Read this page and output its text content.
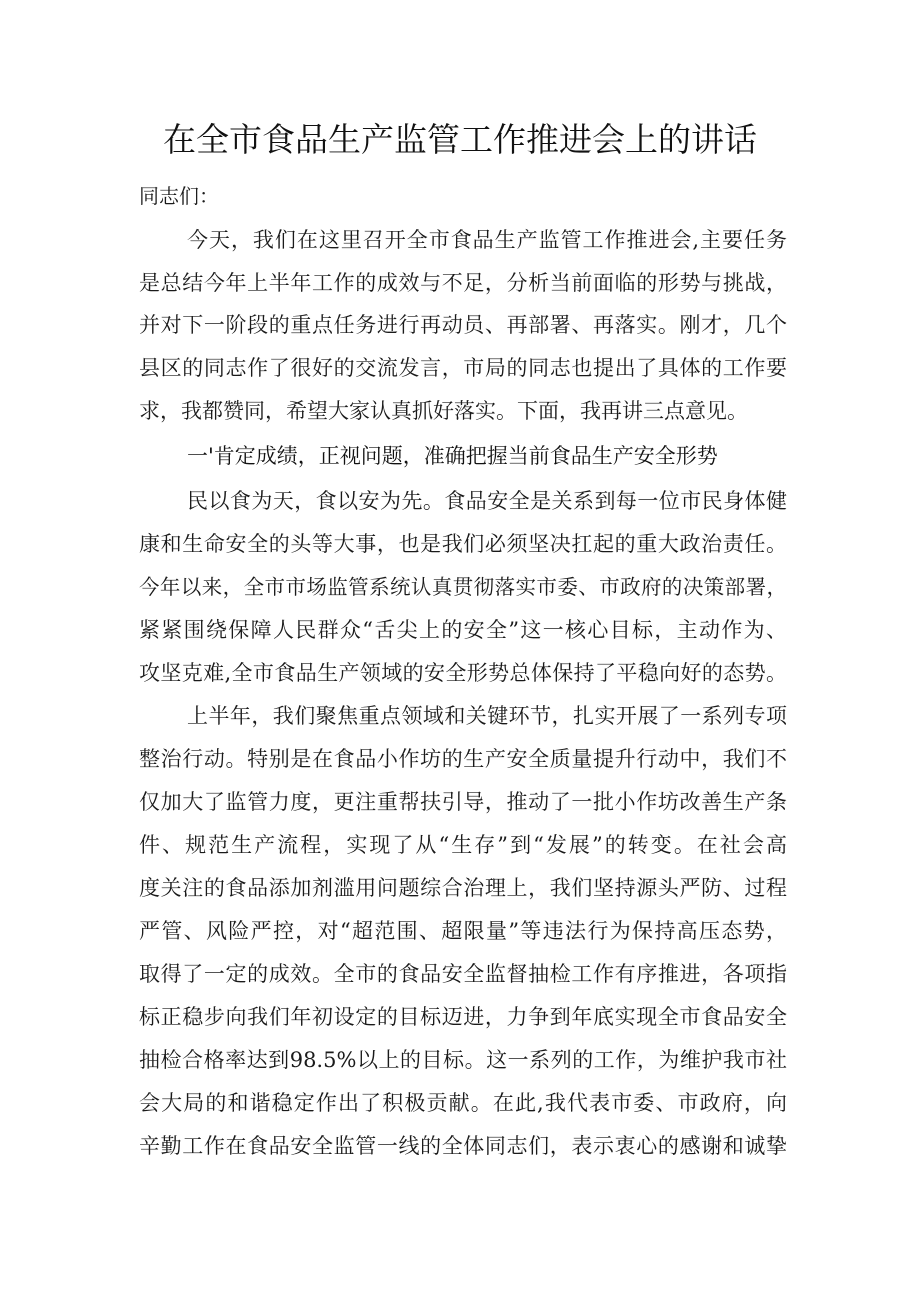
在全市食品生产监管工作推进会上的讲话
同志们：
今天，我们在这里召开全市食品生产监管工作推进会,主要任务
是总结今年上半年工作的成效与不足，分析当前面临的形势与挑战，
并对下一阶段的重点任务进行再动员、再部署、再落实。刚才，几个
县区的同志作了很好的交流发言，市局的同志也提出了具体的工作要
求，我都赞同，希望大家认真抓好落实。下面，我再讲三点意见。
一'肯定成绩，正视问题，准确把握当前食品生产安全形势
民以食为天，食以安为先。食品安全是关系到每一位市民身体健
康和生命安全的头等大事，也是我们必须坚决扛起的重大政治责任。
今年以来，全市市场监管系统认真贯彻落实市委、市政府的决策部署，
紧紧围绕保障人民群众“舌尖上的安全”这一核心目标，主动作为、
攻坚克难,全市食品生产领域的安全形势总体保持了平稳向好的态势。
上半年，我们聚焦重点领域和关键环节，扎实开展了一系列专项
整治行动。特别是在食品小作坊的生产安全质量提升行动中，我们不
仅加大了监管力度，更注重帮扶引导，推动了一批小作坊改善生产条
件、规范生产流程，实现了从“生存”到“发展”的转变。在社会高
度关注的食品添加剂滥用问题综合治理上，我们坚持源头严防、过程
严管、风险严控，对“超范围、超限量”等违法行为保持高压态势，
取得了一定的成效。全市的食品安全监督抽检工作有序推进，各项指
标正稳步向我们年初设定的目标迈进，力争到年底实现全市食品安全
抽检合格率达到98.5%以上的目标。这一系列的工作，为维护我市社
会大局的和谐稳定作出了积极贡献。在此,我代表市委、市政府，向
辛勤工作在食品安全监管一线的全体同志们，表示衷心的感谢和诚挚
